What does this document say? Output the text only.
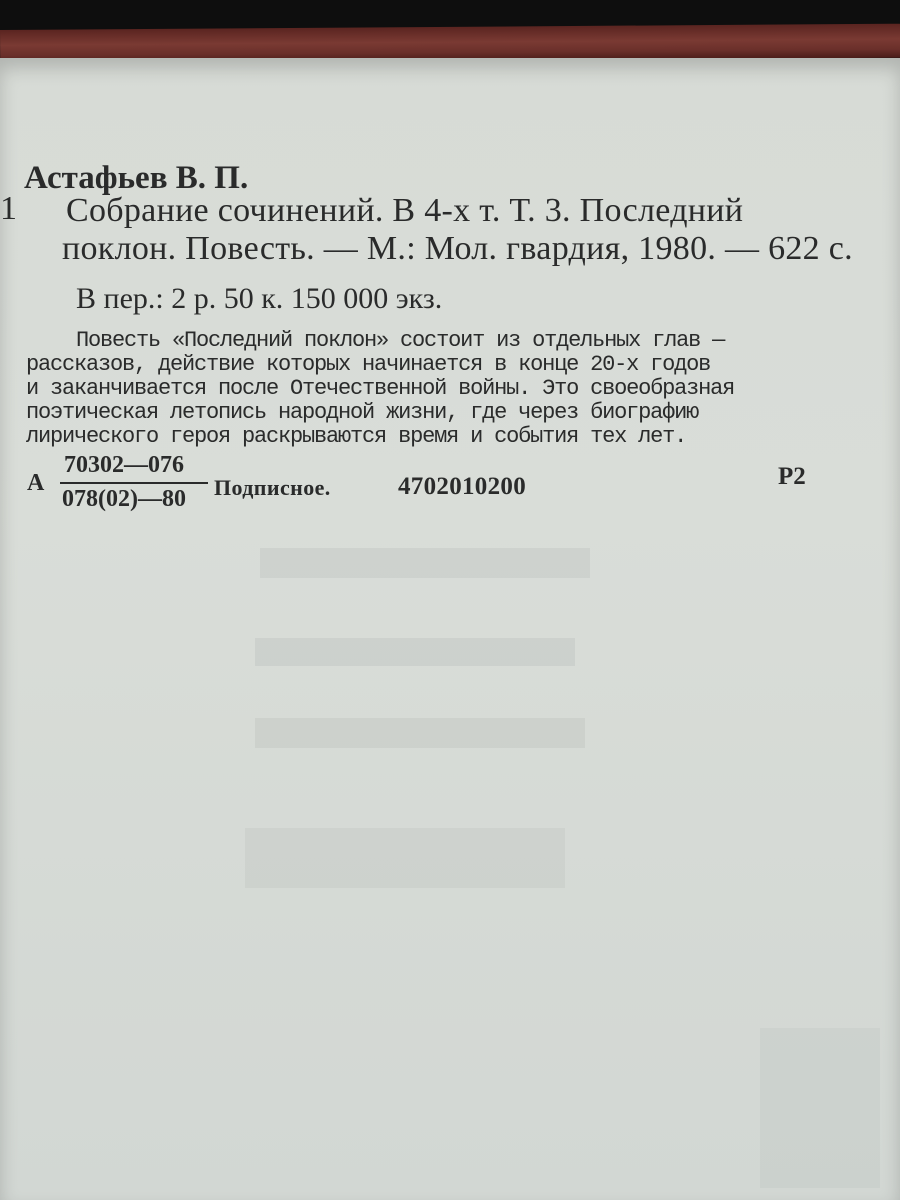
Астафьев В. П.
1 Собрание сочинений. В 4-х т. Т. 3. Последний
поклон. Повесть. — М.: Мол. гвардия, 1980. — 622 с.
В пер.: 2 р. 50 к. 150 000 экз.
Повесть «Последний поклон» состоит из отдельных глав —
рассказов, действие которых начинается в конце 20-х годов
и заканчивается после Отечественной войны. Это своеобразная
поэтическая летопись народной жизни, где через биографию
лирического героя раскрываются время и события тех лет.
А
70302—076
078(02)—80 Подписное.	4702010200	Р2
